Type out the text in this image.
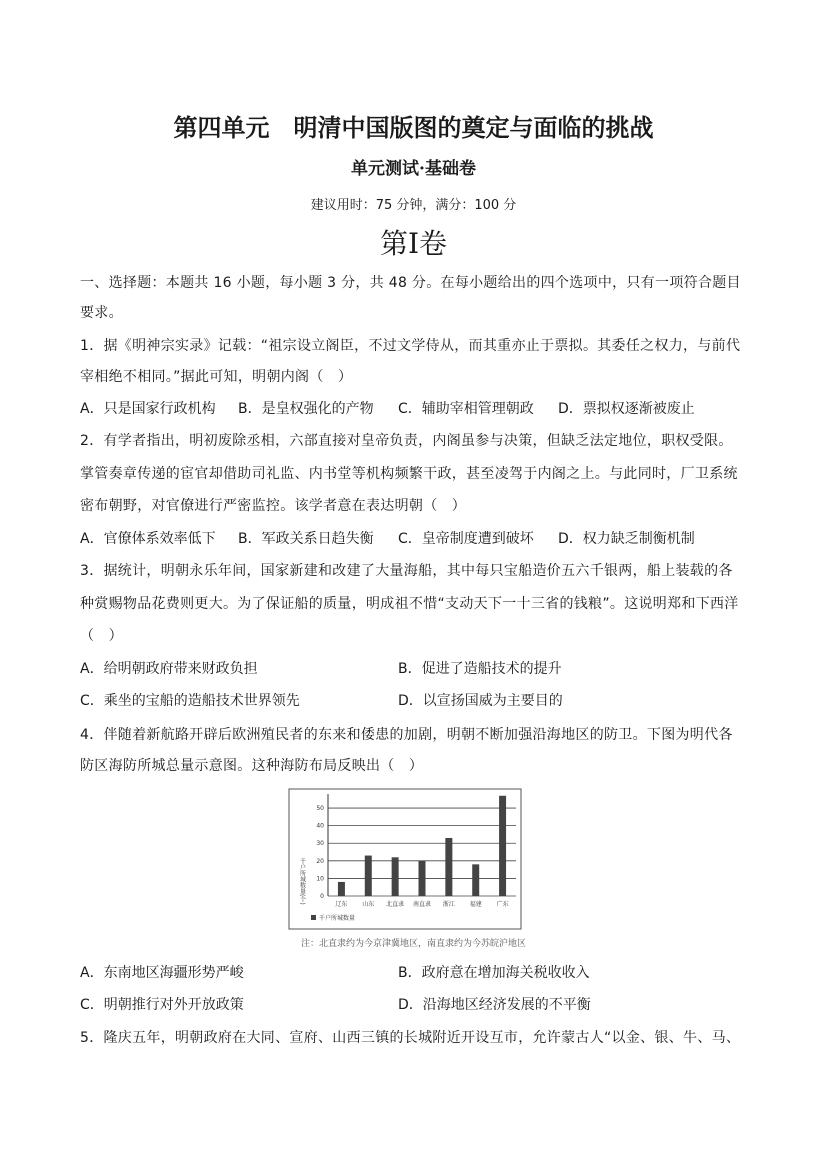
第四单元　明清中国版图的奠定与面临的挑战
单元测试·基础卷
建议用时：75 分钟，满分：100 分
第I卷
一、选择题：本题共 16 小题，每小题 3 分，共 48 分。在每小题给出的四个选项中，只有一项符合题目
要求。
1．据《明神宗实录》记载：“祖宗设立阁臣，不过文学侍从，而其重亦止于票拟。其委任之权力，与前代
宰相绝不相同。”据此可知，明朝内阁（　）
A．只是国家行政机构 B．是皇权强化的产物 C．辅助宰相管理朝政 D．票拟权逐渐被废止
2．有学者指出，明初废除丞相，六部直接对皇帝负责，内阁虽参与决策，但缺乏法定地位，职权受限。
掌管奏章传递的宦官却借助司礼监、内书堂等机构频繁干政，甚至凌驾于内阁之上。与此同时，厂卫系统
密布朝野，对官僚进行严密监控。该学者意在表达明朝（　）
A．官僚体系效率低下 B．军政关系日趋失衡 C．皇帝制度遭到破坏 D．权力缺乏制衡机制
3．据统计，明朝永乐年间，国家新建和改建了大量海船，其中每只宝船造价五六千银两，船上装载的各
种赏赐物品花费则更大。为了保证船的质量，明成祖不惜“支动天下一十三省的钱粮”。这说明郑和下西洋
（　）
A．给明朝政府带来财政负担	B．促进了造船技术的提升
C．乘坐的宝船的造船技术世界领先	D．以宣扬国威为主要目的
4．伴随着新航路开辟后欧洲殖民者的东来和倭患的加剧，明朝不断加强沿海地区的防卫。下图为明代各
防区海防所城总量示意图。这种海防布局反映出（　）
0
10
20
30
40
50
辽东 山东 北直隶 南直隶 浙江 福建 广东
千户所城数量(个)
千户所城数量
注：北直隶约为今京津冀地区，南直隶约为今苏皖沪地区
A．东南地区海疆形势严峻	B．政府意在增加海关税收收入
C．明朝推行对外开放政策	D．沿海地区经济发展的不平衡
5．隆庆五年，明朝政府在大同、宣府、山西三镇的长城附近开设互市，允许蒙古人“以金、银、牛、马、
